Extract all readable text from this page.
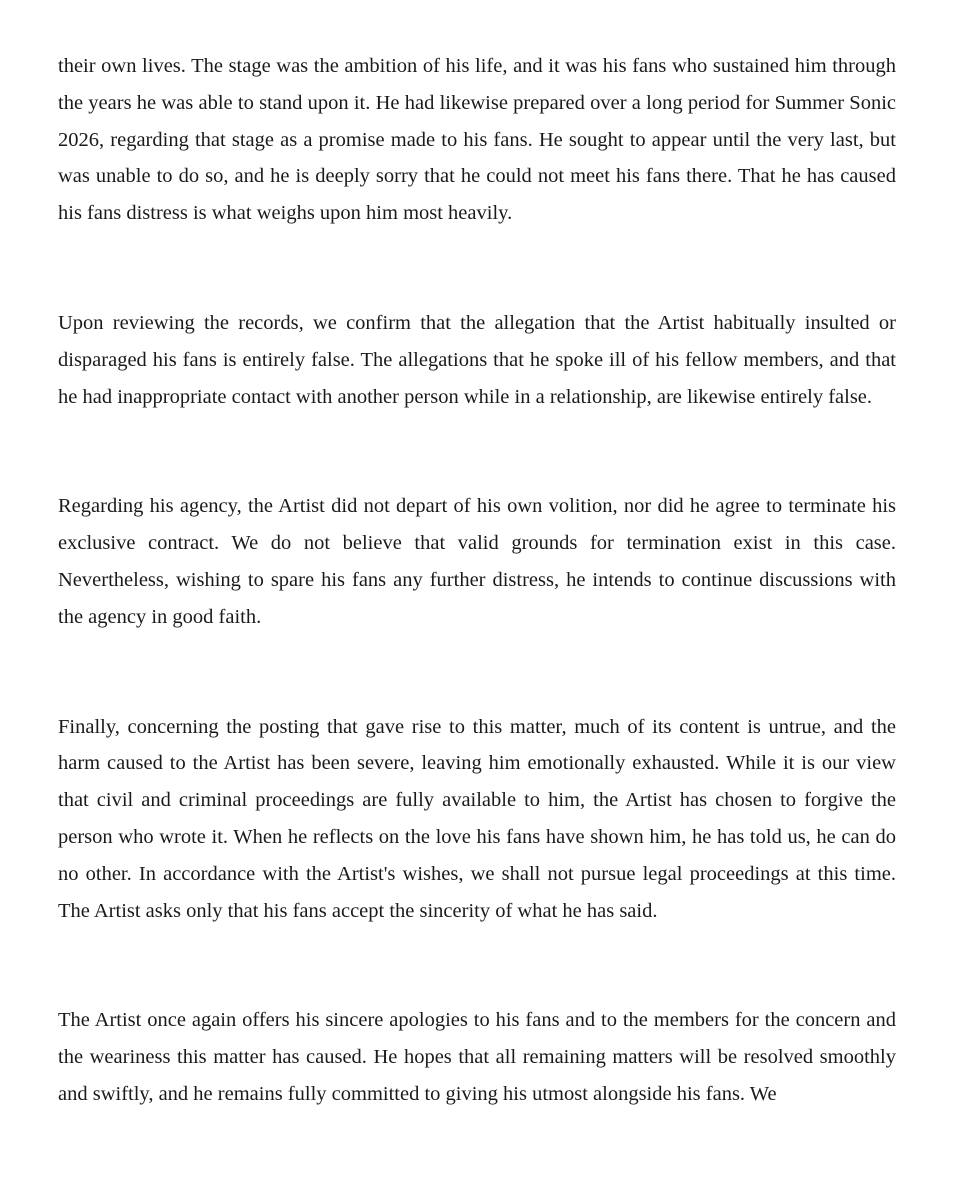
their own lives. The stage was the ambition of his life, and it was his fans who sustained him through the years he was able to stand upon it. He had likewise prepared over a long period for Summer Sonic 2026, regarding that stage as a promise made to his fans. He sought to appear until the very last, but was unable to do so, and he is deeply sorry that he could not meet his fans there. That he has caused his fans distress is what weighs upon him most heavily.

Upon reviewing the records, we confirm that the allegation that the Artist habitually insulted or disparaged his fans is entirely false. The allegations that he spoke ill of his fellow members, and that he had inappropriate contact with another person while in a relationship, are likewise entirely false.

Regarding his agency, the Artist did not depart of his own volition, nor did he agree to terminate his exclusive contract. We do not believe that valid grounds for termination exist in this case. Nevertheless, wishing to spare his fans any further distress, he intends to continue discussions with the agency in good faith.

Finally, concerning the posting that gave rise to this matter, much of its content is untrue, and the harm caused to the Artist has been severe, leaving him emotionally exhausted. While it is our view that civil and criminal proceedings are fully available to him, the Artist has chosen to forgive the person who wrote it. When he reflects on the love his fans have shown him, he has told us, he can do no other. In accordance with the Artist's wishes, we shall not pursue legal proceedings at this time. The Artist asks only that his fans accept the sincerity of what he has said.

The Artist once again offers his sincere apologies to his fans and to the members for the concern and the weariness this matter has caused. He hopes that all remaining matters will be resolved smoothly and swiftly, and he remains fully committed to giving his utmost alongside his fans. We
